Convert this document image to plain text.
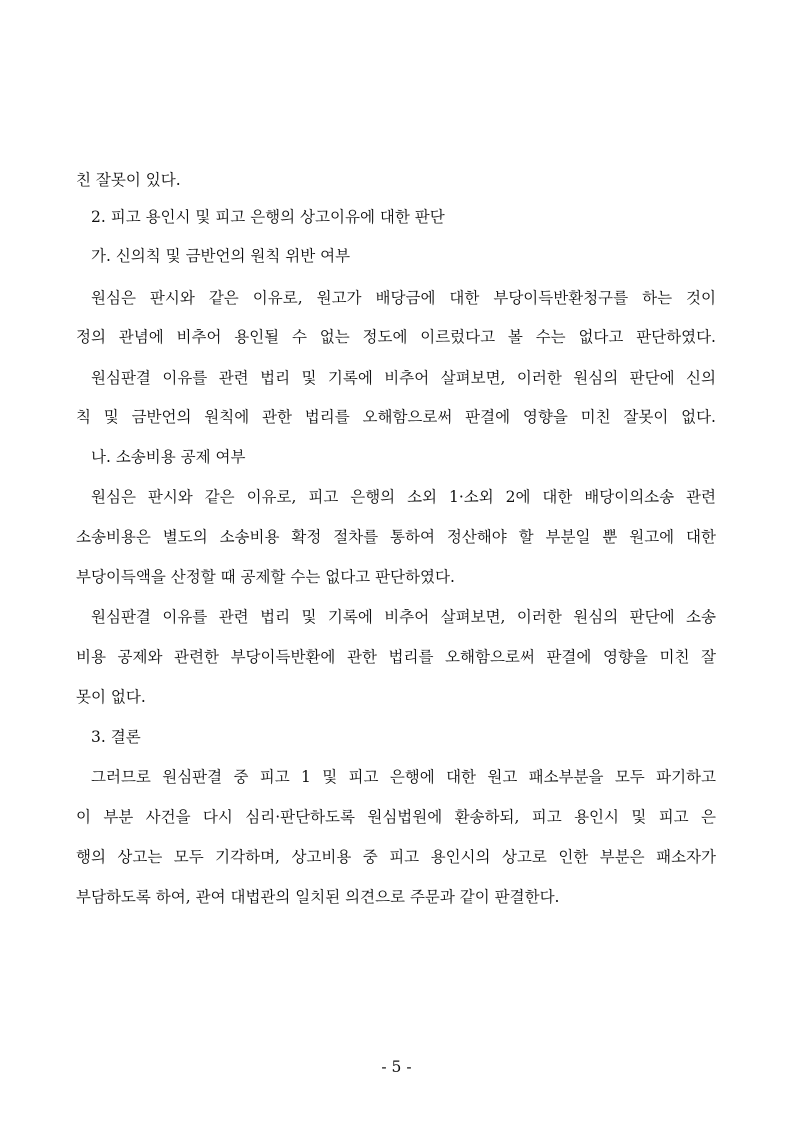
친 잘못이 있다.
2. 피고 용인시 및 피고 은행의 상고이유에 대한 판단
가. 신의칙 및 금반언의 원칙 위반 여부
원심은 판시와 같은 이유로, 원고가 배당금에 대한 부당이득반환청구를 하는 것이
정의 관념에 비추어 용인될 수 없는 정도에 이르렀다고 볼 수는 없다고 판단하였다.
원심판결 이유를 관련 법리 및 기록에 비추어 살펴보면, 이러한 원심의 판단에 신의
칙 및 금반언의 원칙에 관한 법리를 오해함으로써 판결에 영향을 미친 잘못이 없다.
나. 소송비용 공제 여부
원심은 판시와 같은 이유로, 피고 은행의 소외 1·소외 2에 대한 배당이의소송 관련
소송비용은 별도의 소송비용 확정 절차를 통하여 정산해야 할 부분일 뿐 원고에 대한
부당이득액을 산정할 때 공제할 수는 없다고 판단하였다.
원심판결 이유를 관련 법리 및 기록에 비추어 살펴보면, 이러한 원심의 판단에 소송
비용 공제와 관련한 부당이득반환에 관한 법리를 오해함으로써 판결에 영향을 미친 잘
못이 없다.
3. 결론
그러므로 원심판결 중 피고 1 및 피고 은행에 대한 원고 패소부분을 모두 파기하고
이 부분 사건을 다시 심리·판단하도록 원심법원에 환송하되, 피고 용인시 및 피고 은
행의 상고는 모두 기각하며, 상고비용 중 피고 용인시의 상고로 인한 부분은 패소자가
부담하도록 하여, 관여 대법관의 일치된 의견으로 주문과 같이 판결한다.
- 5 -
